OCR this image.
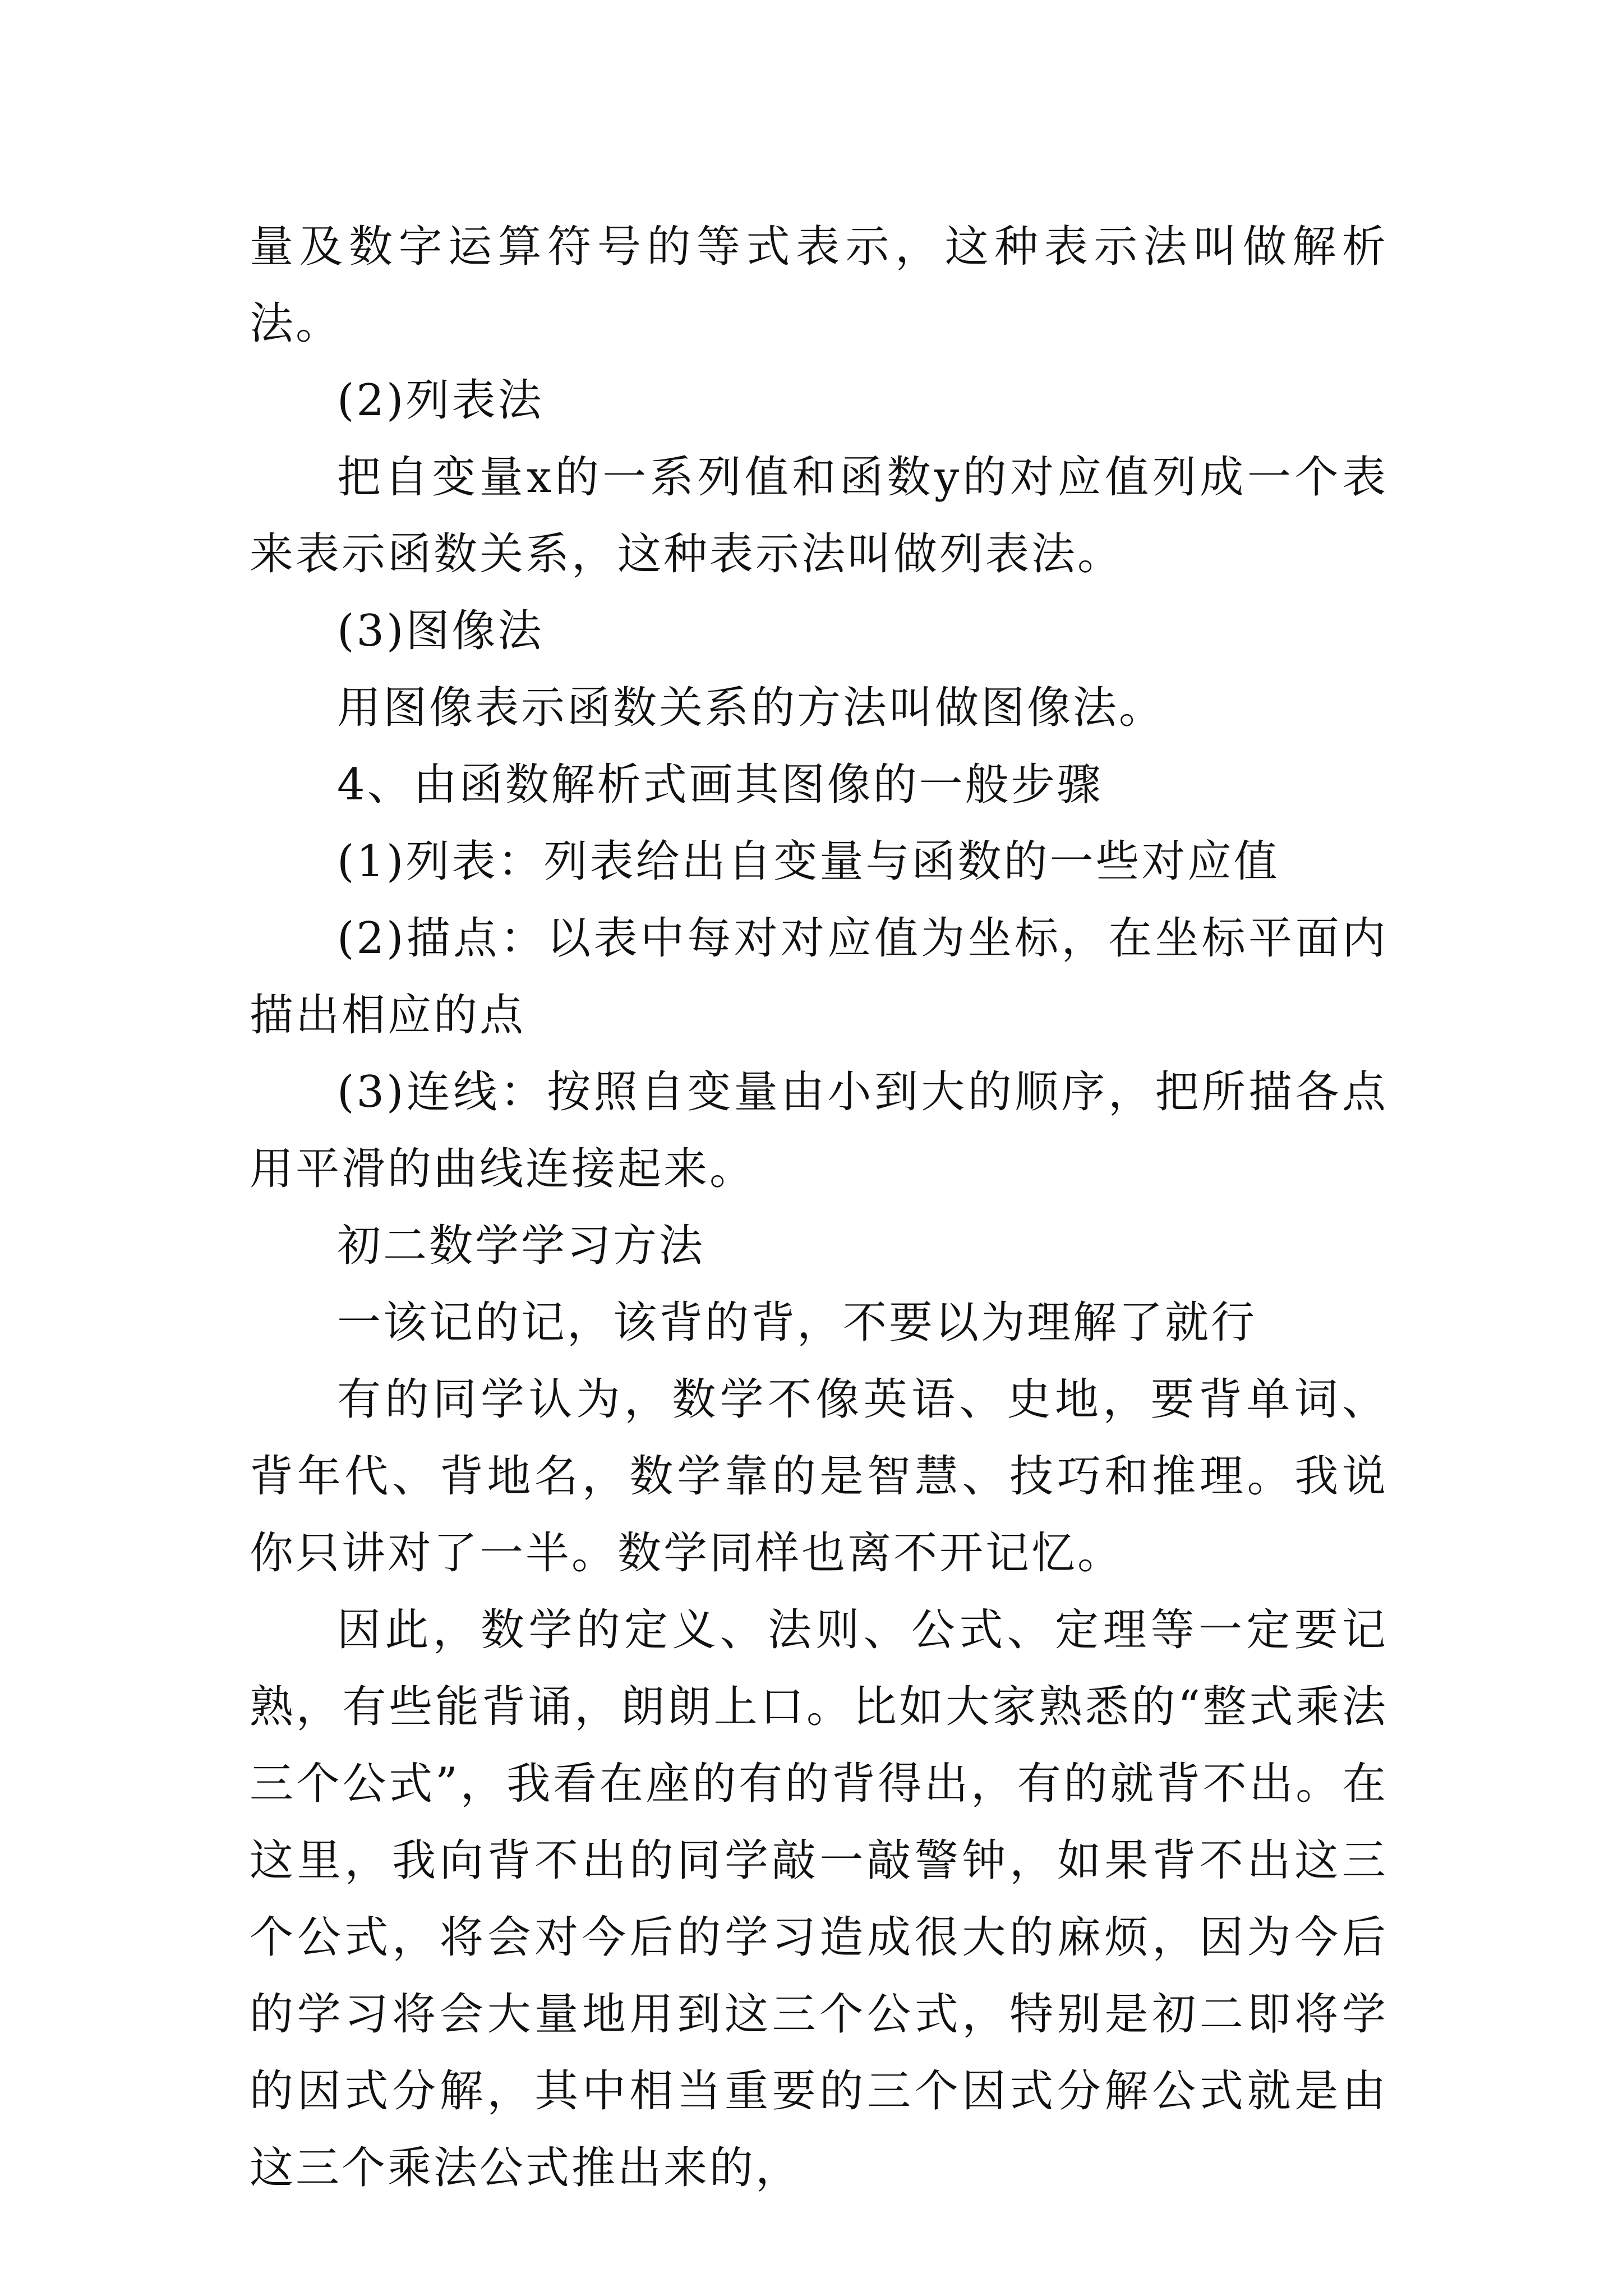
量及数字运算符号的等式表示，这种表示法叫做解析法。

(2)列表法

把自变量x的一系列值和函数y的对应值列成一个表来表示函数关系，这种表示法叫做列表法。

(3)图像法

用图像表示函数关系的方法叫做图像法。

4、由函数解析式画其图像的一般步骤

(1)列表：列表给出自变量与函数的一些对应值

(2)描点：以表中每对对应值为坐标，在坐标平面内描出相应的点

(3)连线：按照自变量由小到大的顺序，把所描各点用平滑的曲线连接起来。

初二数学学习方法

一该记的记，该背的背，不要以为理解了就行

有的同学认为，数学不像英语、史地，要背单词、背年代、背地名，数学靠的是智慧、技巧和推理。我说你只讲对了一半。数学同样也离不开记忆。

因此，数学的定义、法则、公式、定理等一定要记熟，有些能背诵，朗朗上口。比如大家熟悉的“整式乘法三个公式”，我看在座的有的背得出，有的就背不出。在这里，我向背不出的同学敲一敲警钟，如果背不出这三个公式，将会对今后的学习造成很大的麻烦，因为今后的学习将会大量地用到这三个公式，特别是初二即将学的因式分解，其中相当重要的三个因式分解公式就是由这三个乘法公式推出来的，
